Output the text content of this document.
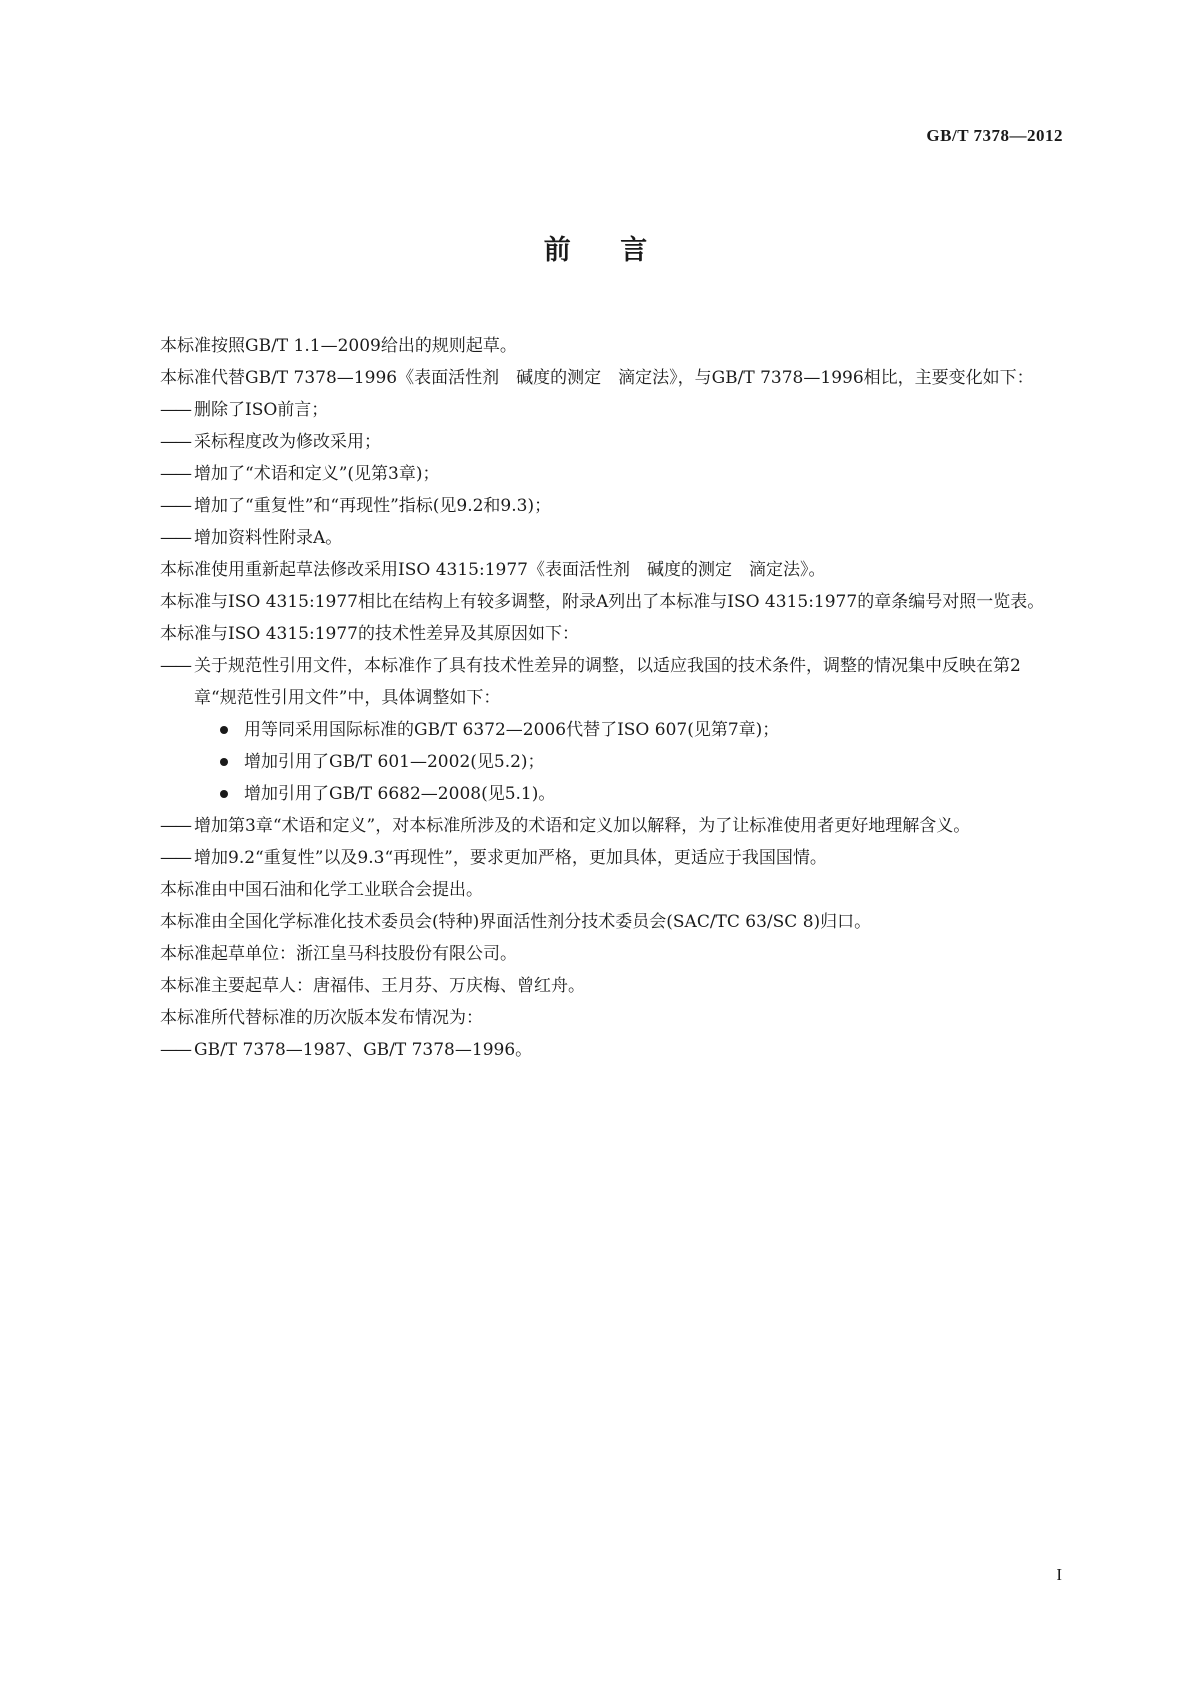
GB/T 7378—2012
前 言
本标准按照GB/T 1.1—2009给出的规则起草。
本标准代替GB/T 7378—1996《表面活性剂　碱度的测定　滴定法》，与GB/T 7378—1996相比，主要变化如下：
—— 删除了ISO前言；
—— 采标程度改为修改采用；
—— 增加了“术语和定义”(见第3章)；
—— 增加了“重复性”和“再现性”指标(见9.2和9.3)；
—— 增加资料性附录A。
本标准使用重新起草法修改采用ISO 4315:1977《表面活性剂　碱度的测定　滴定法》。
本标准与ISO 4315:1977相比在结构上有较多调整，附录A列出了本标准与ISO 4315:1977的章条编号对照一览表。
本标准与ISO 4315:1977的技术性差异及其原因如下：
—— 关于规范性引用文件，本标准作了具有技术性差异的调整，以适应我国的技术条件，调整的情况集中反映在第2章“规范性引用文件”中，具体调整如下：
用等同采用国际标准的GB/T 6372—2006代替了ISO 607(见第7章)；
增加引用了GB/T 601—2002(见5.2)；
增加引用了GB/T 6682—2008(见5.1)。
—— 增加第3章“术语和定义”，对本标准所涉及的术语和定义加以解释，为了让标准使用者更好地理解含义。
—— 增加9.2“重复性”以及9.3“再现性”，要求更加严格，更加具体，更适应于我国国情。
本标准由中国石油和化学工业联合会提出。
本标准由全国化学标准化技术委员会(特种)界面活性剂分技术委员会(SAC/TC 63/SC 8)归口。
本标准起草单位：浙江皇马科技股份有限公司。
本标准主要起草人：唐福伟、王月芬、万庆梅、曾红舟。
本标准所代替标准的历次版本发布情况为：
—— GB/T 7378—1987、GB/T 7378—1996。
I
